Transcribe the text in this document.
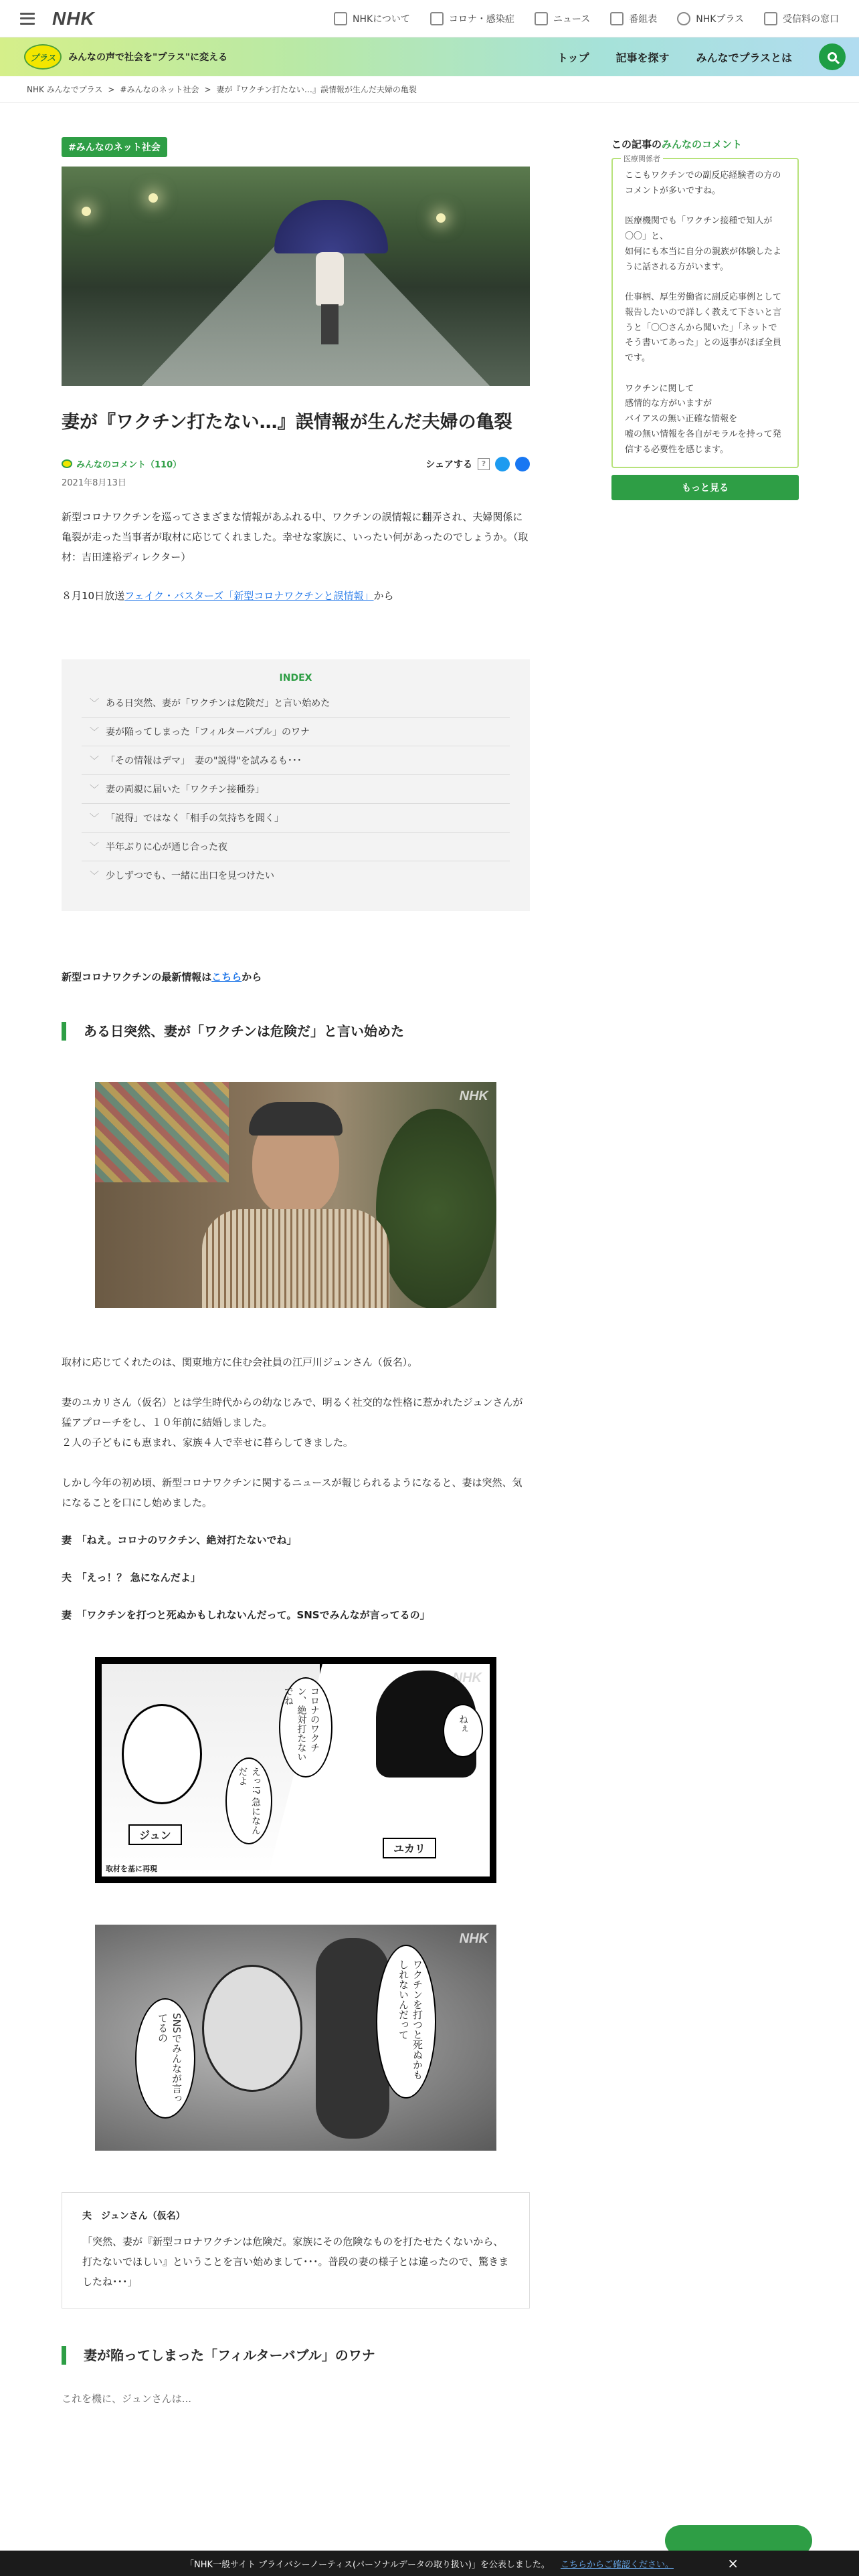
NHK	NHKについて	コロナ・感染症	ニュース	番組表	NHKプラス	受信料の窓口
プラス	みんなの声で社会を"プラス"に変える	トップ	記事を探す	みんなでプラスとは
NHK みんなでプラス > #みんなのネット社会 > 妻が『ワクチン打たない…』誤情報が生んだ夫婦の亀裂
#みんなのネット社会
妻が『ワクチン打たない…』誤情報が生んだ夫婦の亀裂
みんなのコメント（110）	シェアする	?
2021年8月13日

新型コロナワクチンを巡ってさまざまな情報があふれる中、ワクチンの誤情報に翻弄され、夫婦関係に亀裂が走った当事者が取材に応じてくれました。幸せな家族に、いったい何があったのでしょうか。（取材：吉田達裕ディレクター）

８月10日放送フェイク・バスターズ「新型コロナワクチンと誤情報」から

INDEX
﹀ ある日突然、妻が「ワクチンは危険だ」と言い始めた
﹀ 妻が陥ってしまった「フィルターバブル」のワナ
﹀ 「その情報はデマ」　妻の"説得"を試みるも･･･
﹀ 妻の両親に届いた「ワクチン接種券」
﹀ 「説得」ではなく「相手の気持ちを聞く」
﹀ 半年ぶりに心が通じ合った夜
﹀ 少しずつでも、一緒に出口を見つけたい

新型コロナワクチンの最新情報はこちらから

ある日突然、妻が「ワクチンは危険だ」と言い始めた
NHK

取材に応じてくれたのは、関東地方に住む会社員の江戸川ジュンさん（仮名）。

妻のユカリさん（仮名）とは学生時代からの幼なじみで、明るく社交的な性格に惹かれたジュンさんが猛アプローチをし、１０年前に結婚しました。

２人の子どもにも恵まれ、家族４人で幸せに暮らしてきました。

しかし今年の初め頃、新型コロナワクチンに関するニュースが報じられるようになると、妻は突然、気になることを口にし始めました。

妻　「ねえ。コロナのワクチン、絶対打たないでね」

夫　「えっ！？ 急になんだよ」

妻　「ワクチンを打つと死ぬかもしれないんだって。SNSでみんなが言ってるの」

コロナのワクチン、絶対打たないでね
えっ!? 急になんだよ
ねぇ
ジュン
ユカリ
取材を基に再現
NHK
ワクチンを打つと死ぬかもしれないんだって
SNSでみんなが言ってるの
NHK
夫　ジュンさん（仮名）
「突然、妻が『新型コロナワクチンは危険だ。家族にその危険なものを打たせたくないから、打たないでほしい』ということを言い始めまして･･･。普段の妻の様子とは違ったので、驚きましたね･･･」
妻が陥ってしまった「フィルターバブル」のワナ

これを機に、ジュンさんは...

この記事のみんなのコメント
医療関係者
ここもワクチンでの副反応経験者の方の
コメントが多いですね。

医療機関でも「ワクチン接種で知人が
〇〇」と、
如何にも本当に自分の親族が体験したよ
うに話される方がいます。

仕事柄、厚生労働省に副反応事例として
報告したいので詳しく教えて下さいと言
うと「〇〇さんから聞いた」「ネットで
そう書いてあった」との返事がほぼ全員
です。

ワクチンに関して
感情的な方がいますが
バイアスの無い正確な情報を
嘘の無い情報を各自がモラルを持って発
信する必要性を感じます。
もっと見る
「NHK一般サイト プライバシーノーティス(パーソナルデータの取り扱い)」を公表しました。 こちらからご確認ください。	×
